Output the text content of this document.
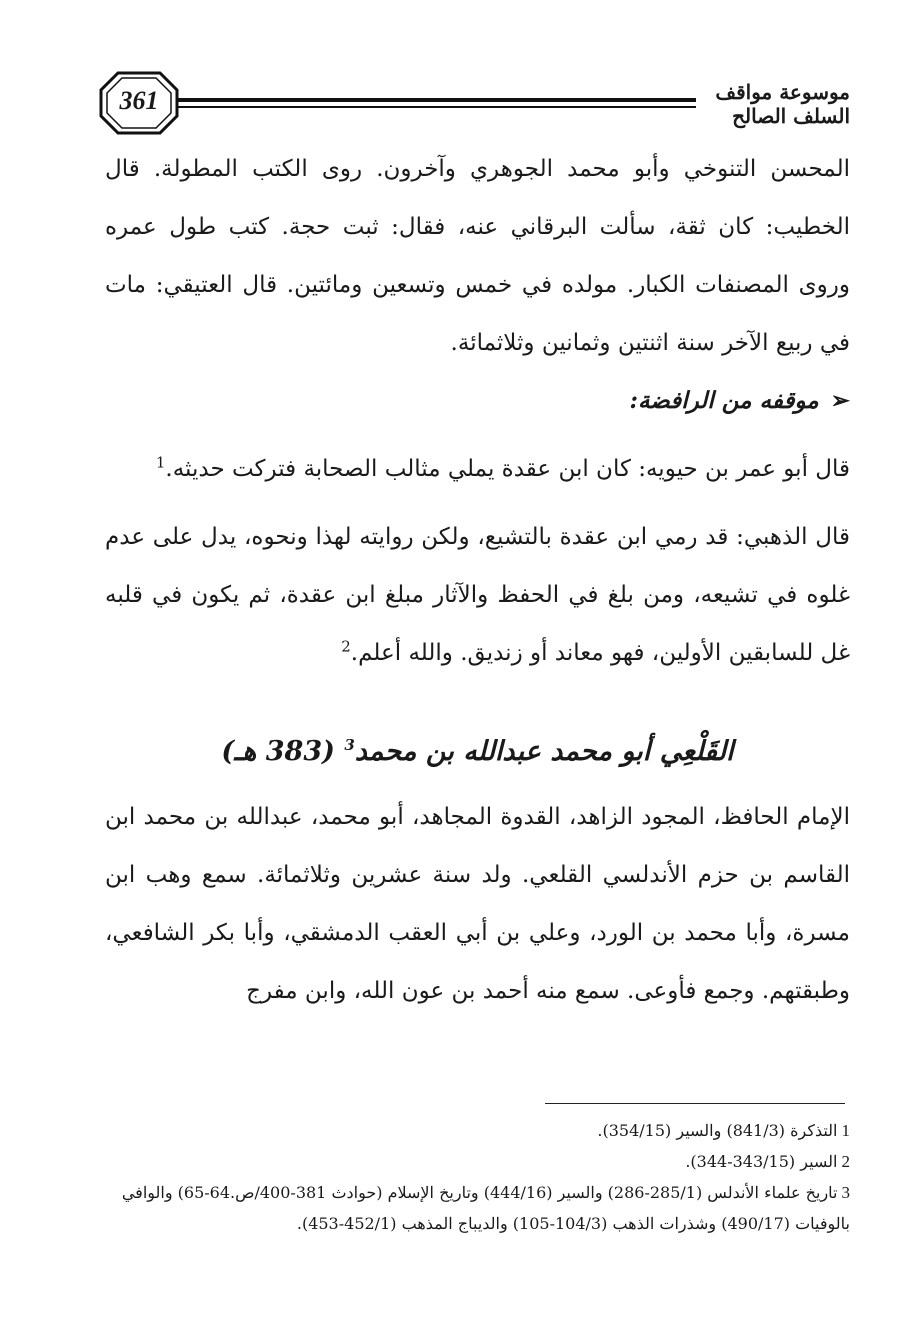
361	موسوعة مواقف السلف الصالح

المحسن التنوخي وأبو محمد الجوهري وآخرون. روى الكتب المطولة. قال الخطيب: كان ثقة، سألت البرقاني عنه، فقال: ثبت حجة. كتب طول عمره وروى المصنفات الكبار. مولده في خمس وتسعين ومائتين. قال العتيقي: مات في ربيع الآخر سنة اثنتين وثمانين وثلاثمائة.

➢موقفه من الرافضة:

قال أبو عمر بن حيويه: كان ابن عقدة يملي مثالب الصحابة فتركت حديثه.$^1$

قال الذهبي: قد رمي ابن عقدة بالتشيع، ولكن روايته لهذا ونحوه، يدل على عدم غلوه في تشيعه، ومن بلغ في الحفظ والآثار مبلغ ابن عقدة، ثم يكون في قلبه غل للسابقين الأولين، فهو معاند أو زنديق. والله أعلم.$^2$

القَلْعِي أبو محمد عبدالله بن محمد$^3$ (383 هـ)

الإمام الحافظ، المجود الزاهد، القدوة المجاهد، أبو محمد، عبدالله بن محمد ابن القاسم بن حزم الأندلسي القلعي. ولد سنة عشرين وثلاثمائة. سمع وهب ابن مسرة، وأبا محمد بن الورد، وعلي بن أبي العقب الدمشقي، وأبا بكر الشافعي، وطبقتهم. وجمع فأوعى. سمع منه أحمد بن عون الله، وابن مفرج

1التذكرة (841/3) والسير (354/15).

2السير (343/15-344).

3تاريخ علماء الأندلس (285/1-286) والسير (444/16) وتاريخ الإسلام (حوادث 381-400/ص.64-65) والوافي بالوفيات (490/17) وشذرات الذهب (104/3-105) والديباج المذهب (452/1-453).
